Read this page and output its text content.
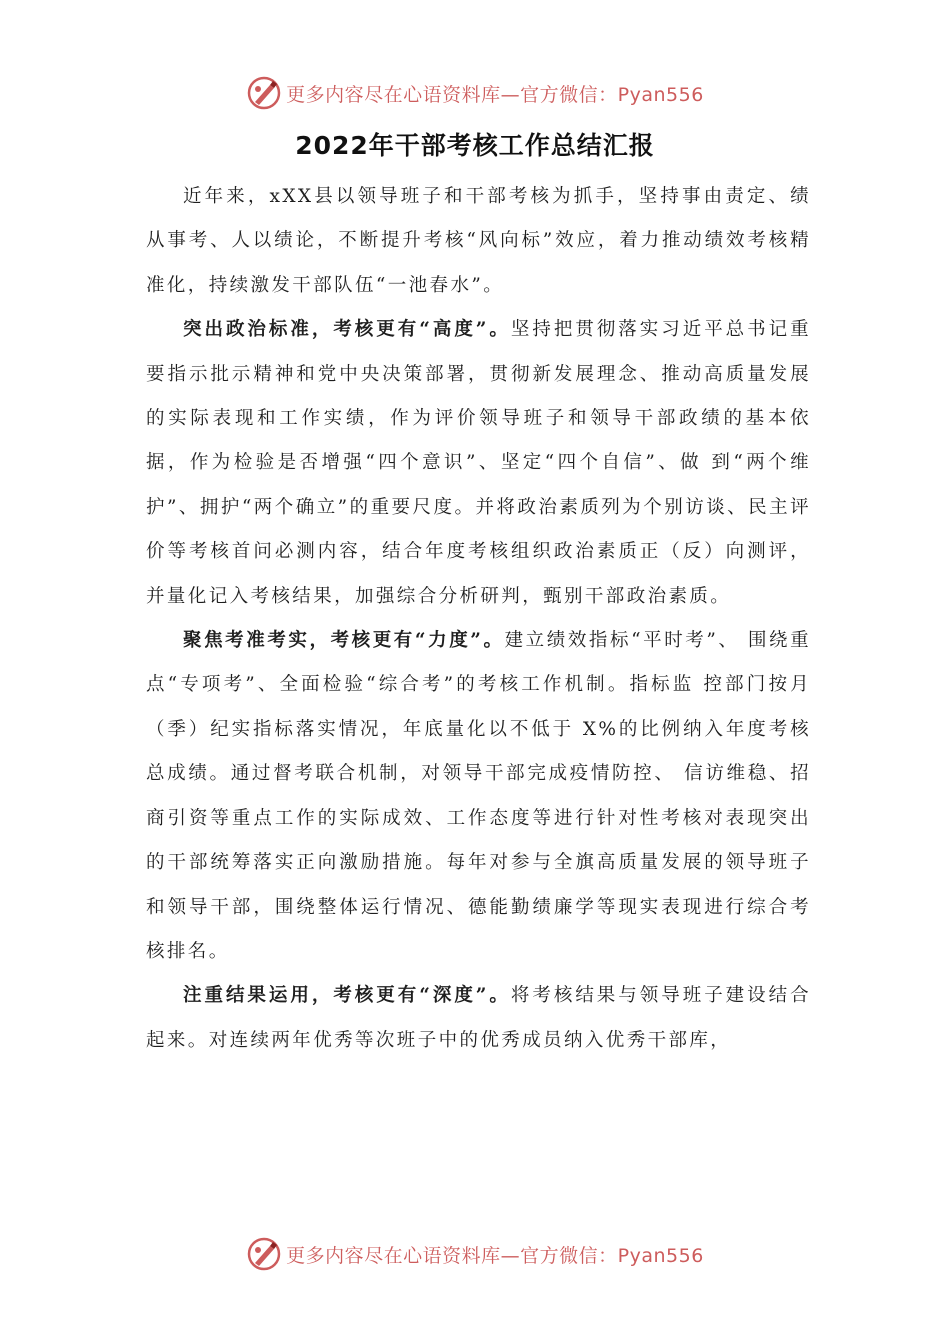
更多内容尽在心语资料库—官方微信：Pyan556
2022年干部考核工作总结汇报

近年来，xXX县以领导班子和干部考核为抓手，坚持事由责定、绩从事考、人以绩论，不断提升考核“风向标”效应，着力推动绩效考核精准化，持续激发干部队伍“一池春水”。

突出政治标准，考核更有“高度”。坚持把贯彻落实习近平总书记重要指示批示精神和党中央决策部署，贯彻新发展理念、推动高质量发展的实际表现和工作实绩，作为评价领导班子和领导干部政绩的基本依据，作为检验是否增强“四个意识”、坚定“四个自信”、做 到“两个维护”、拥护“两个确立”的重要尺度。并将政治素质列为个别访谈、民主评价等考核首问必测内容，结合年度考核组织政治素质正（反）向测评，并量化记入考核结果，加强综合分析研判，甄别干部政治素质。

聚焦考准考实，考核更有“力度”。建立绩效指标“平时考”、 围绕重点“专项考”、全面检验“综合考”的考核工作机制。指标监 控部门按月（季）纪实指标落实情况，年底量化以不低于 X%的比例纳入年度考核总成绩。通过督考联合机制，对领导干部完成疫情防控、 信访维稳、招商引资等重点工作的实际成效、工作态度等进行针对性考核对表现突出的干部统筹落实正向激励措施。每年对参与全旗高质量发展的领导班子和领导干部，围绕整体运行情况、德能勤绩廉学等现实表现进行综合考核排名。

注重结果运用，考核更有“深度”。将考核结果与领导班子建设结合起来。对连续两年优秀等次班子中的优秀成员纳入优秀干部库，

更多内容尽在心语资料库—官方微信：Pyan556
